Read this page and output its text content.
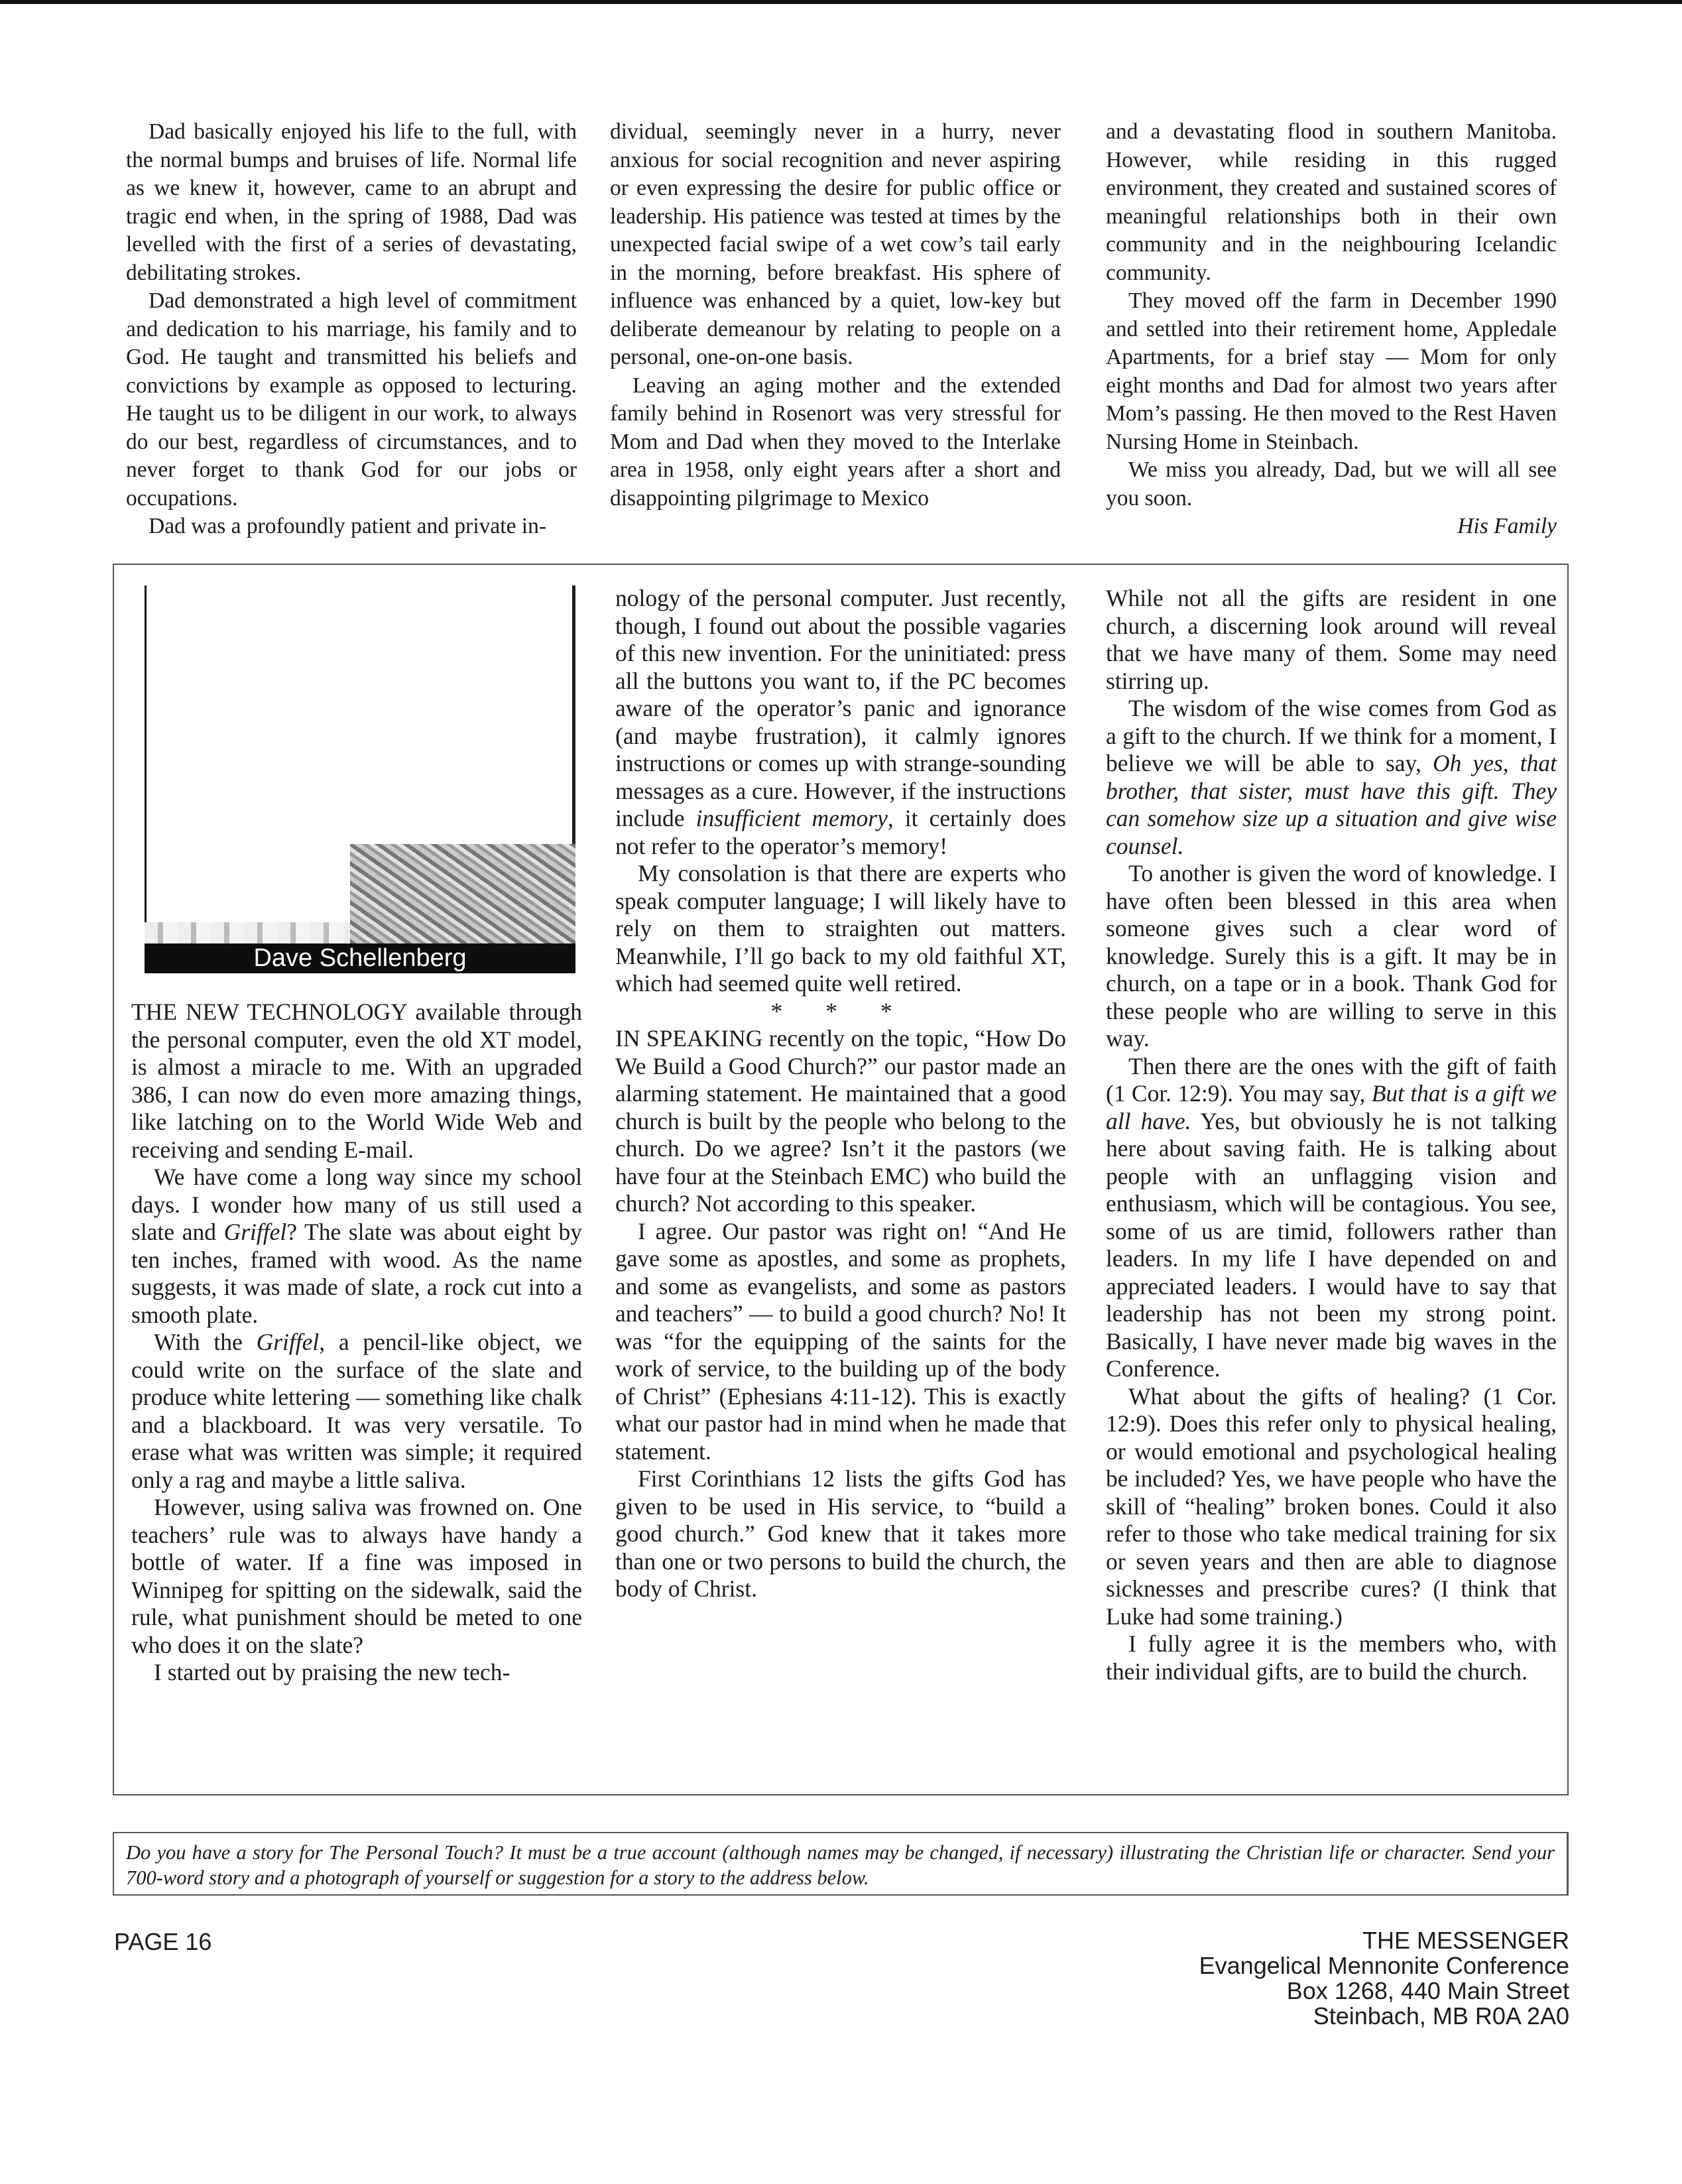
Dad basically enjoyed his life to the full, with the normal bumps and bruises of life. Normal life as we knew it, however, came to an abrupt and tragic end when, in the spring of 1988, Dad was levelled with the first of a series of devastating, debilitating strokes.

Dad demonstrated a high level of commitment and dedication to his marriage, his family and to God. He taught and transmitted his beliefs and convictions by example as opposed to lecturing. He taught us to be diligent in our work, to always do our best, regardless of circumstances, and to never forget to thank God for our jobs or occupations.

Dad was a profoundly patient and private in-

dividual, seemingly never in a hurry, never anxious for social recognition and never aspiring or even expressing the desire for public office or leadership. His patience was tested at times by the unexpected facial swipe of a wet cow’s tail early in the morning, before breakfast. His sphere of influence was enhanced by a quiet, low-key but deliberate demeanour by relating to people on a personal, one-on-one basis.

Leaving an aging mother and the extended family behind in Rosenort was very stressful for Mom and Dad when they moved to the Interlake area in 1958, only eight years after a short and disappointing pilgrimage to Mexico

and a devastating flood in southern Manitoba. However, while residing in this rugged environment, they created and sustained scores of meaningful relationships both in their own community and in the neighbouring Icelandic community.

They moved off the farm in December 1990 and settled into their retirement home, Appledale Apartments, for a brief stay — Mom for only eight months and Dad for almost two years after Mom’s passing. He then moved to the Rest Haven Nursing Home in Steinbach.

We miss you already, Dad, but we will all see you soon.

His Family

Dave Schellenberg

THE NEW TECHNOLOGY available through the personal computer, even the old XT model, is almost a miracle to me. With an upgraded 386, I can now do even more amazing things, like latching on to the World Wide Web and receiving and sending E-mail.

We have come a long way since my school days. I wonder how many of us still used a slate and Griffel? The slate was about eight by ten inches, framed with wood. As the name suggests, it was made of slate, a rock cut into a smooth plate.

With the Griffel, a pencil-like object, we could write on the surface of the slate and produce white lettering — something like chalk and a blackboard. It was very versatile. To erase what was written was simple; it required only a rag and maybe a little saliva.

However, using saliva was frowned on. One teachers’ rule was to always have handy a bottle of water. If a fine was imposed in Winnipeg for spitting on the sidewalk, said the rule, what punishment should be meted to one who does it on the slate?

I started out by praising the new tech-

nology of the personal computer. Just recently, though, I found out about the possible vagaries of this new invention. For the uninitiated: press all the buttons you want to, if the PC becomes aware of the operator’s panic and ignorance (and maybe frustration), it calmly ignores instructions or comes up with strange-sounding messages as a cure. However, if the instructions include insufficient memory, it certainly does not refer to the operator’s memory!

My consolation is that there are experts who speak computer language; I will likely have to rely on them to straighten out matters. Meanwhile, I’ll go back to my old faithful XT, which had seemed quite well retired.

* * *

IN SPEAKING recently on the topic, “How Do We Build a Good Church?” our pastor made an alarming statement. He maintained that a good church is built by the people who belong to the church. Do we agree? Isn’t it the pastors (we have four at the Steinbach EMC) who build the church? Not according to this speaker.

I agree. Our pastor was right on! “And He gave some as apostles, and some as prophets, and some as evangelists, and some as pastors and teachers” — to build a good church? No! It was “for the equipping of the saints for the work of service, to the building up of the body of Christ” (Ephesians 4:11-12). This is exactly what our pastor had in mind when he made that statement.

First Corinthians 12 lists the gifts God has given to be used in His service, to “build a good church.” God knew that it takes more than one or two persons to build the church, the body of Christ.

While not all the gifts are resident in one church, a discerning look around will reveal that we have many of them. Some may need stirring up.

The wisdom of the wise comes from God as a gift to the church. If we think for a moment, I believe we will be able to say, Oh yes, that brother, that sister, must have this gift. They can somehow size up a situation and give wise counsel.

To another is given the word of knowledge. I have often been blessed in this area when someone gives such a clear word of knowledge. Surely this is a gift. It may be in church, on a tape or in a book. Thank God for these people who are willing to serve in this way.

Then there are the ones with the gift of faith (1 Cor. 12:9). You may say, But that is a gift we all have. Yes, but obviously he is not talking here about saving faith. He is talking about people with an unflagging vision and enthusiasm, which will be contagious. You see, some of us are timid, followers rather than leaders. In my life I have depended on and appreciated leaders. I would have to say that leadership has not been my strong point. Basically, I have never made big waves in the Conference.

What about the gifts of healing? (1 Cor. 12:9). Does this refer only to physical healing, or would emotional and psychological healing be included? Yes, we have people who have the skill of “healing” broken bones. Could it also refer to those who take medical training for six or seven years and then are able to diagnose sicknesses and prescribe cures? (I think that Luke had some training.)

I fully agree it is the members who, with their individual gifts, are to build the church.

Do you have a story for The Personal Touch? It must be a true account (although names may be changed, if necessary) illustrating the Christian life or character. Send your 700-word story and a photograph of yourself or suggestion for a story to the address below.
PAGE 16	THE MESSENGER
Evangelical Mennonite Conference
Box 1268, 440 Main Street
Steinbach, MB R0A 2A0
